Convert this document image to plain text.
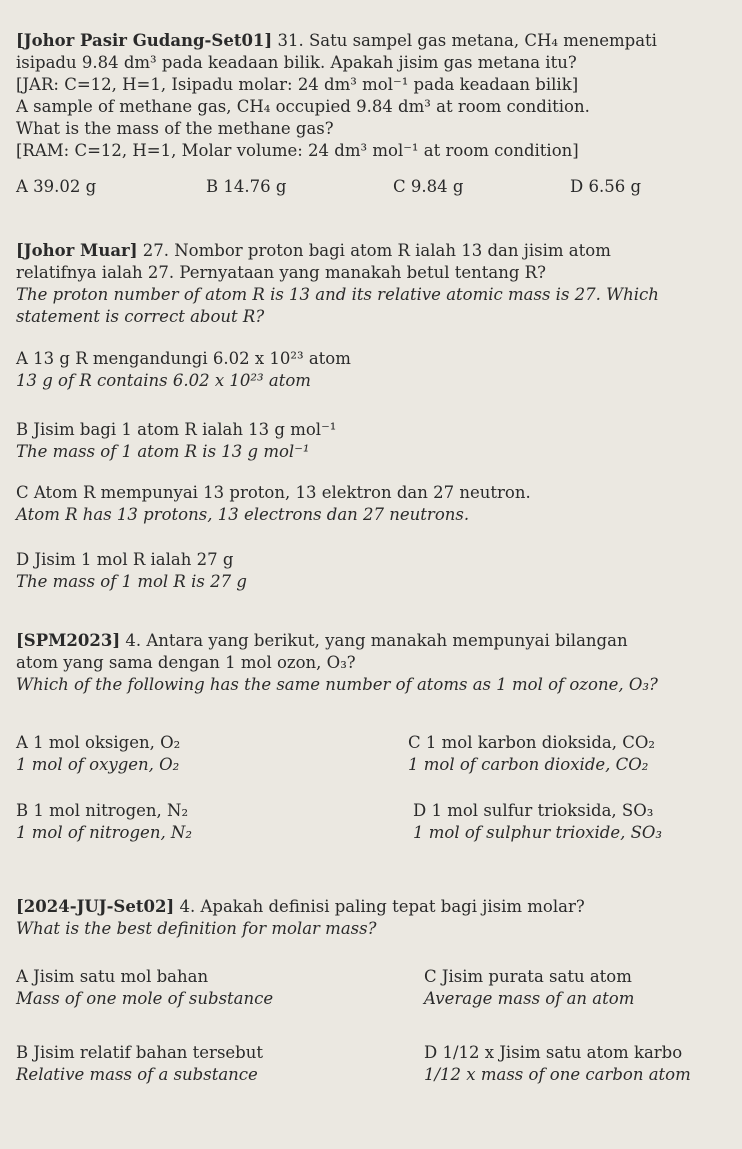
[Johor Pasir Gudang-Set01] 31. Satu sampel gas metana, CH₄ menempati
isipadu 9.84 dm³ pada keadaan bilik. Apakah jisim gas metana itu?
[JAR: C=12, H=1, Isipadu molar: 24 dm³ mol⁻¹ pada keadaan bilik]
A sample of methane gas, CH₄ occupied 9.84 dm³ at room condition.
What is the mass of the methane gas?
[RAM: C=12, H=1, Molar volume: 24 dm³ mol⁻¹ at room condition]
A 39.02 g	B 14.76 g	C 9.84 g	D 6.56 g
[Johor Muar] 27. Nombor proton bagi atom R ialah 13 dan jisim atom
relatifnya ialah 27. Pernyataan yang manakah betul tentang R?
The proton number of atom R is 13 and its relative atomic mass is 27. Which
statement is correct about R?
A 13 g R mengandungi 6.02 x 10²³ atom
13 g of R contains 6.02 x 10²³ atom
B Jisim bagi 1 atom R ialah 13 g mol⁻¹
The mass of 1 atom R is 13 g mol⁻¹
C Atom R mempunyai 13 proton, 13 elektron dan 27 neutron.
Atom R has 13 protons, 13 electrons dan 27 neutrons.
D Jisim 1 mol R ialah 27 g
The mass of 1 mol R is 27 g
[SPM2023] 4. Antara yang berikut, yang manakah mempunyai bilangan
atom yang sama dengan 1 mol ozon, O₃?
Which of the following has the same number of atoms as 1 mol of ozone, O₃?
A 1 mol oksigen, O₂
1 mol of oxygen, O₂
C 1 mol karbon dioksida, CO₂
1 mol of carbon dioxide, CO₂
B 1 mol nitrogen, N₂
1 mol of nitrogen, N₂
D 1 mol sulfur trioksida, SO₃
1 mol of sulphur trioxide, SO₃
[2024-JUJ-Set02] 4. Apakah definisi paling tepat bagi jisim molar?
What is the best definition for molar mass?
A Jisim satu mol bahan
Mass of one mole of substance
C Jisim purata satu atom
Average mass of an atom
B Jisim relatif bahan tersebut
Relative mass of a substance
D 1/12 x Jisim satu atom karbo
1/12 x mass of one carbon atom
